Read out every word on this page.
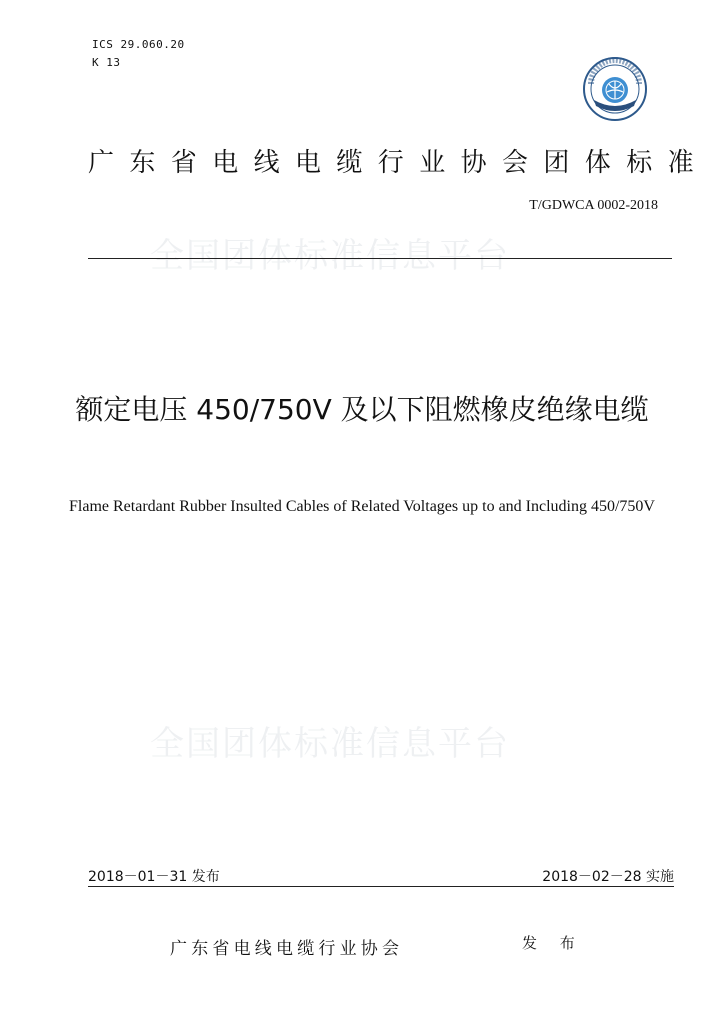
ICS 29.060.20
K 13
广东省电线电缆行业协会团体标准
T/GDWCA 0002-2018
全国团体标准信息平台
额定电压 450/750V 及以下阻燃橡皮绝缘电缆
Flame Retardant Rubber Insulted Cables of Related Voltages up to and Including 450/750V
全国团体标准信息平台
2018－01－31 发布	2018－02－28 实施
广东省电线电缆行业协会	发 布
